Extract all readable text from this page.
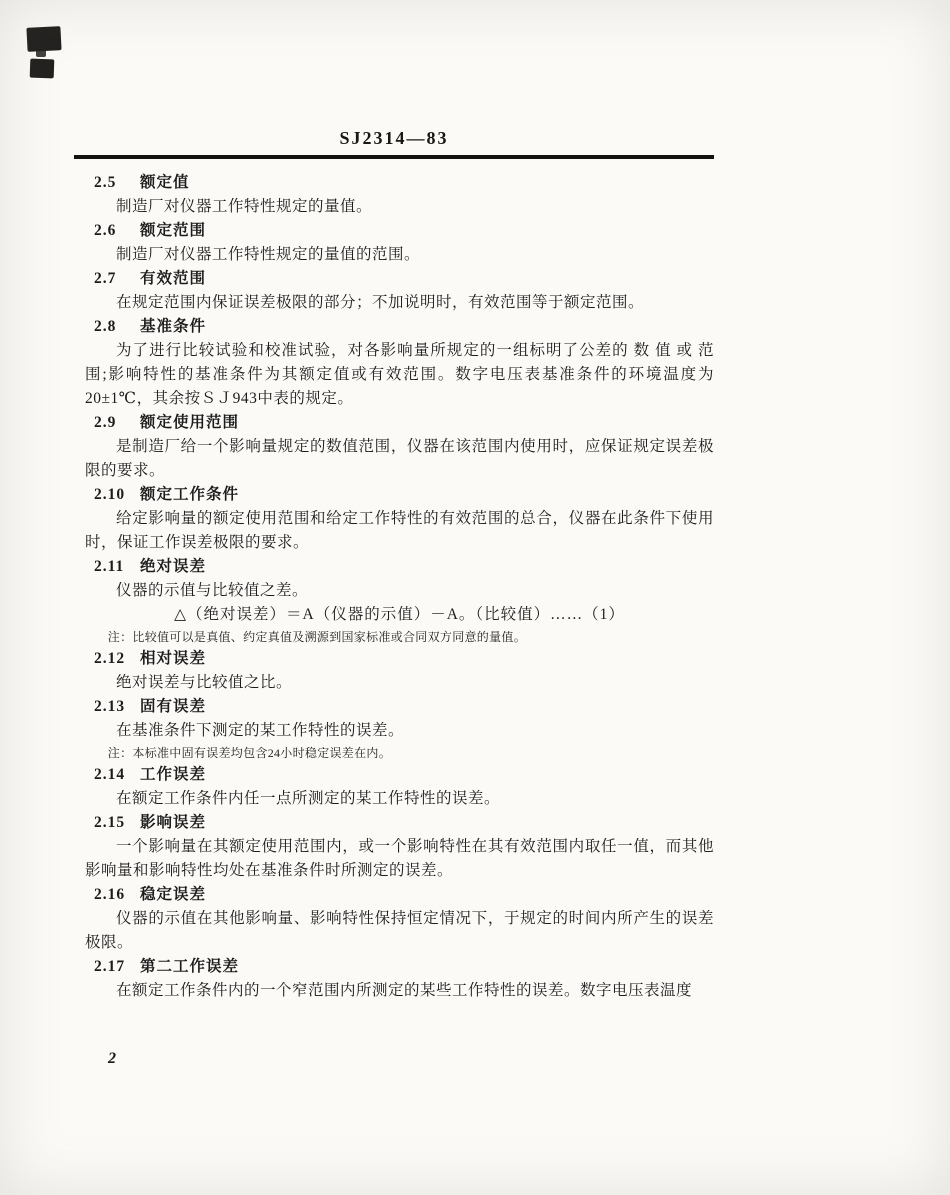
SJ2314—83
2.5 额定值

制造厂对仪器工作特性规定的量值。

2.6 额定范围

制造厂对仪器工作特性规定的量值的范围。

2.7 有效范围

在规定范围内保证误差极限的部分；不加说明时，有效范围等于额定范围。

2.8 基准条件

为了进行比较试验和校准试验，对各影响量所规定的一组标明了公差的 数 值 或 范围;影响特性的基准条件为其额定值或有效范围。数字电压表基准条件的环境温度为20±1℃，其余按ＳＪ943中表的规定。

2.9 额定使用范围

是制造厂给一个影响量规定的数值范围，仪器在该范围内使用时，应保证规定误差极限的要求。

2.10 额定工作条件

给定影响量的额定使用范围和给定工作特性的有效范围的总合，仪器在此条件下使用时，保证工作误差极限的要求。

2.11 绝对误差

仪器的示值与比较值之差。

△（绝对误差）＝A（仪器的示值）－A。（比较值）……（1）

注：比较值可以是真值、约定真值及溯源到国家标准或合同双方同意的量值。

2.12 相对误差

绝对误差与比较值之比。

2.13 固有误差

在基准条件下测定的某工作特性的误差。

注：本标准中固有误差均包含24小时稳定误差在内。

2.14 工作误差

在额定工作条件内任一点所测定的某工作特性的误差。

2.15 影响误差

一个影响量在其额定使用范围内，或一个影响特性在其有效范围内取任一值，而其他影响量和影响特性均处在基准条件时所测定的误差。

2.16 稳定误差

仪器的示值在其他影响量、影响特性保持恒定情况下，于规定的时间内所产生的误差极限。

2.17 第二工作误差

在额定工作条件内的一个窄范围内所测定的某些工作特性的误差。数字电压表温度

2
